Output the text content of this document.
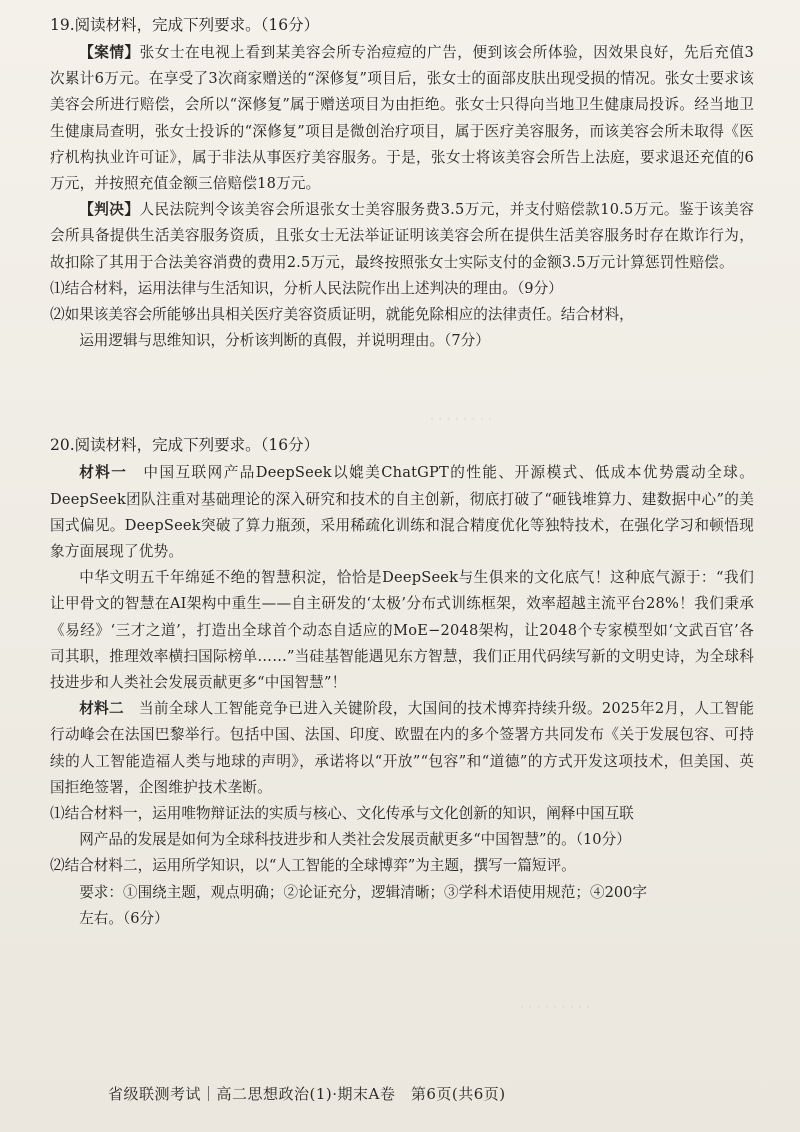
· · · · · · · ·
· · · · · · · · ·

19.阅读材料，完成下列要求。（16分）

【案情】张女士在电视上看到某美容会所专治痘痘的广告，便到该会所体验，因效果良好，先后充值3次累计6万元。在享受了3次商家赠送的“深修复”项目后，张女士的面部皮肤出现受损的情况。张女士要求该美容会所进行赔偿，会所以“深修复”属于赠送项目为由拒绝。张女士只得向当地卫生健康局投诉。经当地卫生健康局查明，张女士投诉的“深修复”项目是微创治疗项目，属于医疗美容服务，而该美容会所未取得《医疗机构执业许可证》，属于非法从事医疗美容服务。于是，张女士将该美容会所告上法庭，要求退还充值的6万元，并按照充值金额三倍赔偿18万元。

【判决】人民法院判令该美容会所退张女士美容服务费3.5万元，并支付赔偿款10.5万元。鉴于该美容会所具备提供生活美容服务资质，且张女士无法举证证明该美容会所在提供生活美容服务时存在欺诈行为，故扣除了其用于合法美容消费的费用2.5万元，最终按照张女士实际支付的金额3.5万元计算惩罚性赔偿。

⑴结合材料，运用法律与生活知识，分析人民法院作出上述判决的理由。（9分）

⑵如果该美容会所能够出具相关医疗美容资质证明，就能免除相应的法律责任。结合材料，

运用逻辑与思维知识，分析该判断的真假，并说明理由。（7分）

20.阅读材料，完成下列要求。（16分）

材料一　 中国互联网产品DeepSeek以媲美ChatGPT的性能、开源模式、低成本优势震动全球。DeepSeek团队注重对基础理论的深入研究和技术的自主创新，彻底打破了“砸钱堆算力、建数据中心”的美国式偏见。DeepSeek突破了算力瓶颈，采用稀疏化训练和混合精度优化等独特技术，在强化学习和顿悟现象方面展现了优势。

中华文明五千年绵延不绝的智慧积淀，恰恰是DeepSeek与生俱来的文化底气！这种底气源于：“我们让甲骨文的智慧在AI架构中重生——自主研发的‘太极’分布式训练框架，效率超越主流平台28%！我们秉承《易经》‘三才之道’，打造出全球首个动态自适应的MoE−2048架构，让2048个专家模型如‘文武百官’各司其职，推理效率横扫国际榜单……”当硅基智能遇见东方智慧，我们正用代码续写新的文明史诗，为全球科技进步和人类社会发展贡献更多“中国智慧”！

材料二　 当前全球人工智能竞争已进入关键阶段，大国间的技术博弈持续升级。2025年2月，人工智能行动峰会在法国巴黎举行。包括中国、法国、印度、欧盟在内的多个签署方共同发布《关于发展包容、可持续的人工智能造福人类与地球的声明》，承诺将以“开放”“包容”和“道德”的方式开发这项技术，但美国、英国拒绝签署，企图维护技术垄断。

⑴结合材料一，运用唯物辩证法的实质与核心、文化传承与文化创新的知识，阐释中国互联

网产品的发展是如何为全球科技进步和人类社会发展贡献更多“中国智慧”的。（10分）

⑵结合材料二，运用所学知识，以“人工智能的全球博弈”为主题，撰写一篇短评。

要求：①围绕主题，观点明确；②论证充分，逻辑清晰；③学科术语使用规范；④200字

左右。（6分）

省级联测考试｜高二思想政治(1)·期末A卷　第6页(共6页)
